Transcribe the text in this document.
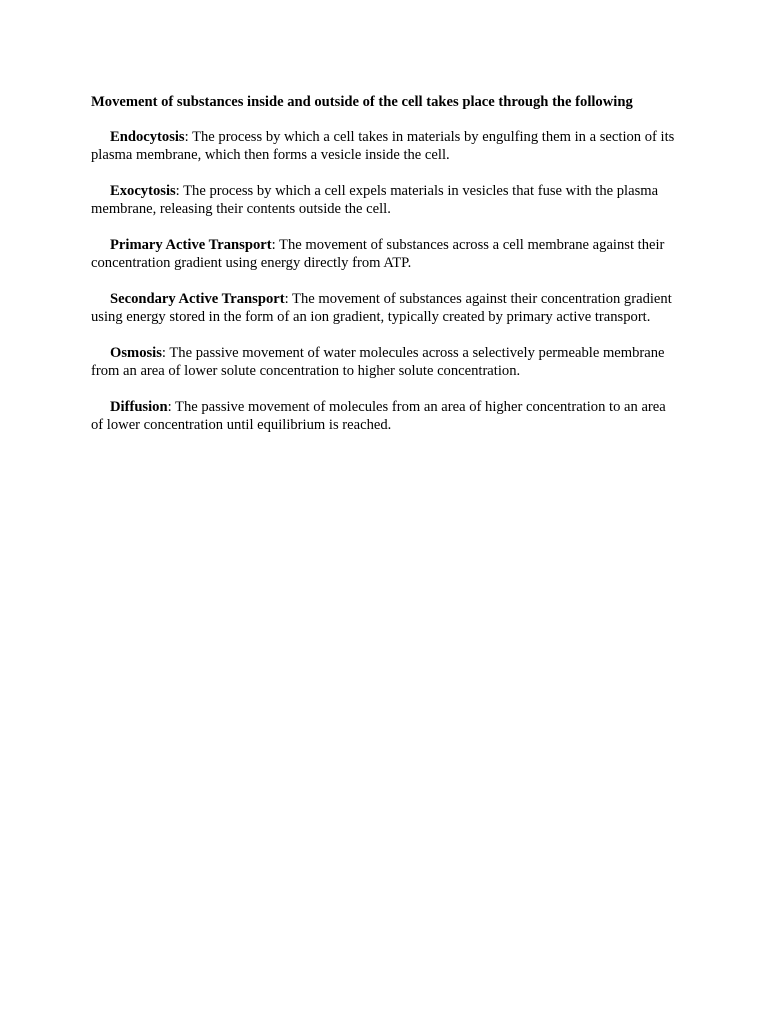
Movement of substances inside and outside of the cell takes place through the following

Endocytosis: The process by which a cell takes in materials by engulfing them in a section of its plasma membrane, which then forms a vesicle inside the cell.

Exocytosis: The process by which a cell expels materials in vesicles that fuse with the plasma membrane, releasing their contents outside the cell.

Primary Active Transport: The movement of substances across a cell membrane against their concentration gradient using energy directly from ATP.

Secondary Active Transport: The movement of substances against their concentration gradient using energy stored in the form of an ion gradient, typically created by primary active transport.

Osmosis: The passive movement of water molecules across a selectively permeable membrane from an area of lower solute concentration to higher solute concentration.

Diffusion: The passive movement of molecules from an area of higher concentration to an area of lower concentration until equilibrium is reached.
